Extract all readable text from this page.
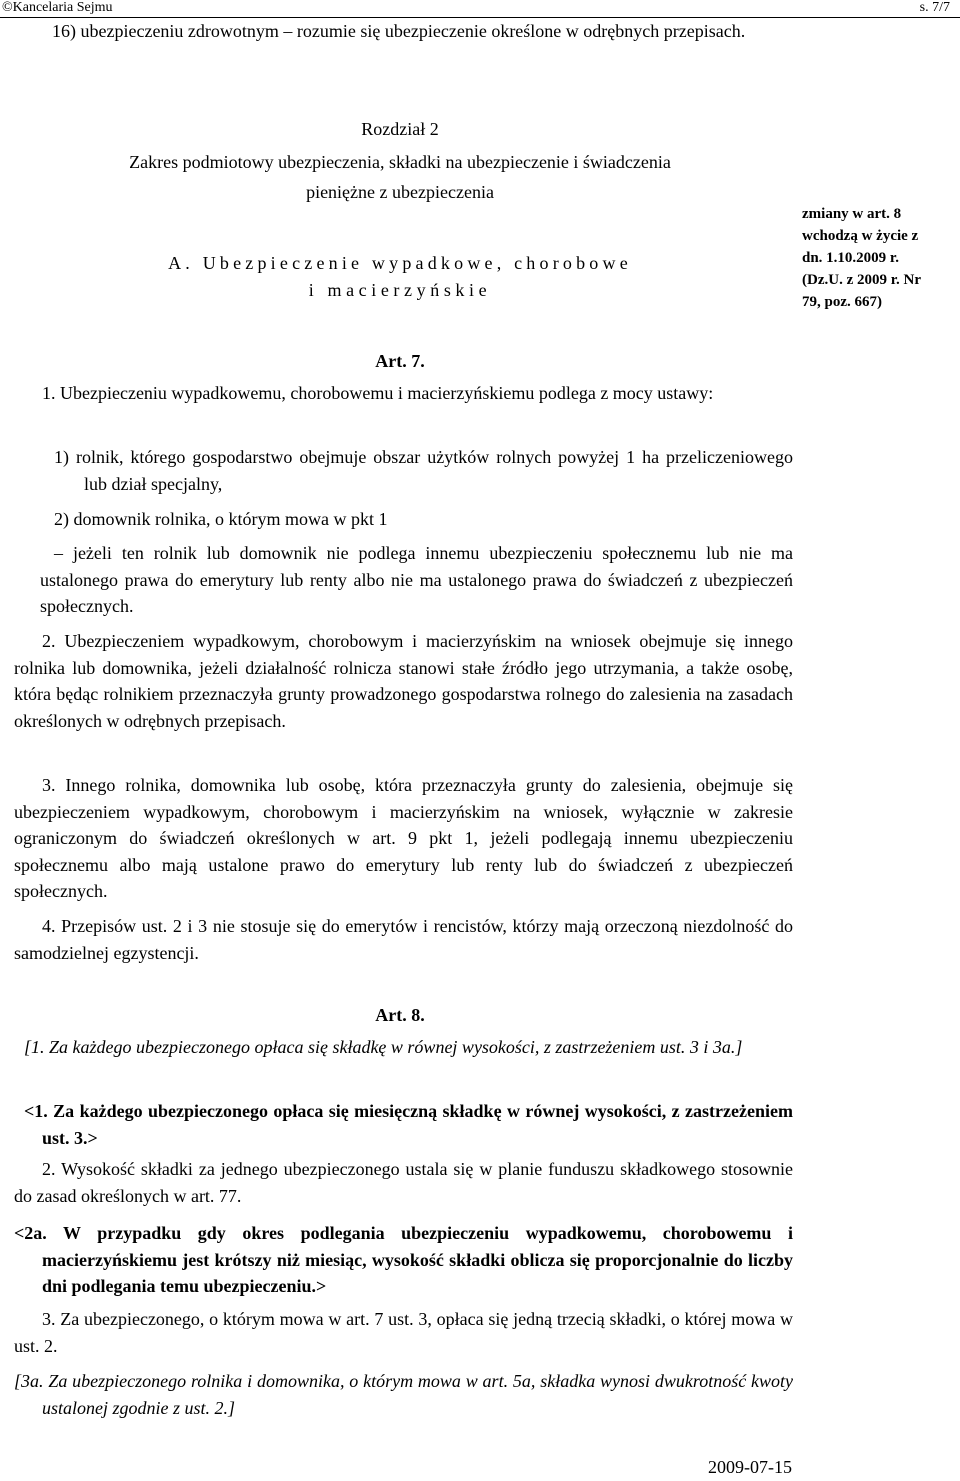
©Kancelaria Sejmu	s. 7/7

16) ubezpieczeniu zdrowotnym – rozumie się ubezpieczenie określone w odrębnych przepisach.

Rozdział 2

Zakres podmiotowy ubezpieczenia, składki na ubezpieczenie i świadczenia

pieniężne z ubezpieczenia

A. Ubezpieczenie wypadkowe, chorobowe

i macierzyńskie

zmiany w art. 8
wchodzą w życie z
dn. 1.10.2009 r.
(Dz.U. z 2009 r. Nr
79, poz. 667)

Art. 7.

1. Ubezpieczeniu wypadkowemu, chorobowemu i macierzyńskiemu podlega z mocy ustawy:

1) rolnik, którego gospodarstwo obejmuje obszar użytków rolnych powyżej 1 ha przeliczeniowego lub dział specjalny,

2) domownik rolnika, o którym mowa w pkt 1

– jeżeli ten rolnik lub domownik nie podlega innemu ubezpieczeniu społecznemu lub nie ma ustalonego prawa do emerytury lub renty albo nie ma ustalonego prawa do świadczeń z ubezpieczeń społecznych.

2. Ubezpieczeniem wypadkowym, chorobowym i macierzyńskim na wniosek obejmuje się innego rolnika lub domownika, jeżeli działalność rolnicza stanowi stałe źródło jego utrzymania, a także osobę, która będąc rolnikiem przeznaczyła grunty prowadzonego gospodarstwa rolnego do zalesienia na zasadach określonych w odrębnych przepisach.

3. Innego rolnika, domownika lub osobę, która przeznaczyła grunty do zalesienia, obejmuje się ubezpieczeniem wypadkowym, chorobowym i macierzyńskim na wniosek, wyłącznie w zakresie ograniczonym do świadczeń określonych w art. 9 pkt 1, jeżeli podlegają innemu ubezpieczeniu społecznemu albo mają ustalone prawo do emerytury lub renty lub do świadczeń z ubezpieczeń społecznych.

4. Przepisów ust. 2 i 3 nie stosuje się do emerytów i rencistów, którzy mają orzeczoną niezdolność do samodzielnej egzystencji.

Art. 8.

[1. Za każdego ubezpieczonego opłaca się składkę w równej wysokości, z zastrzeżeniem ust. 3 i 3a.]

<1. Za każdego ubezpieczonego opłaca się miesięczną składkę w równej wysokości, z zastrzeżeniem ust. 3.>

2. Wysokość składki za jednego ubezpieczonego ustala się w planie funduszu składkowego stosownie do zasad określonych w art. 77.

<2a. W przypadku gdy okres podlegania ubezpieczeniu wypadkowemu, chorobowemu i macierzyńskiemu jest krótszy niż miesiąc, wysokość składki oblicza się proporcjonalnie do liczby dni podlegania temu ubezpieczeniu.>

3. Za ubezpieczonego, o którym mowa w art. 7 ust. 3, opłaca się jedną trzecią składki, o której mowa w ust. 2.

[3a. Za ubezpieczonego rolnika i domownika, o którym mowa w art. 5a, składka wynosi dwukrotność kwoty ustalonej zgodnie z ust. 2.]

2009-07-15
